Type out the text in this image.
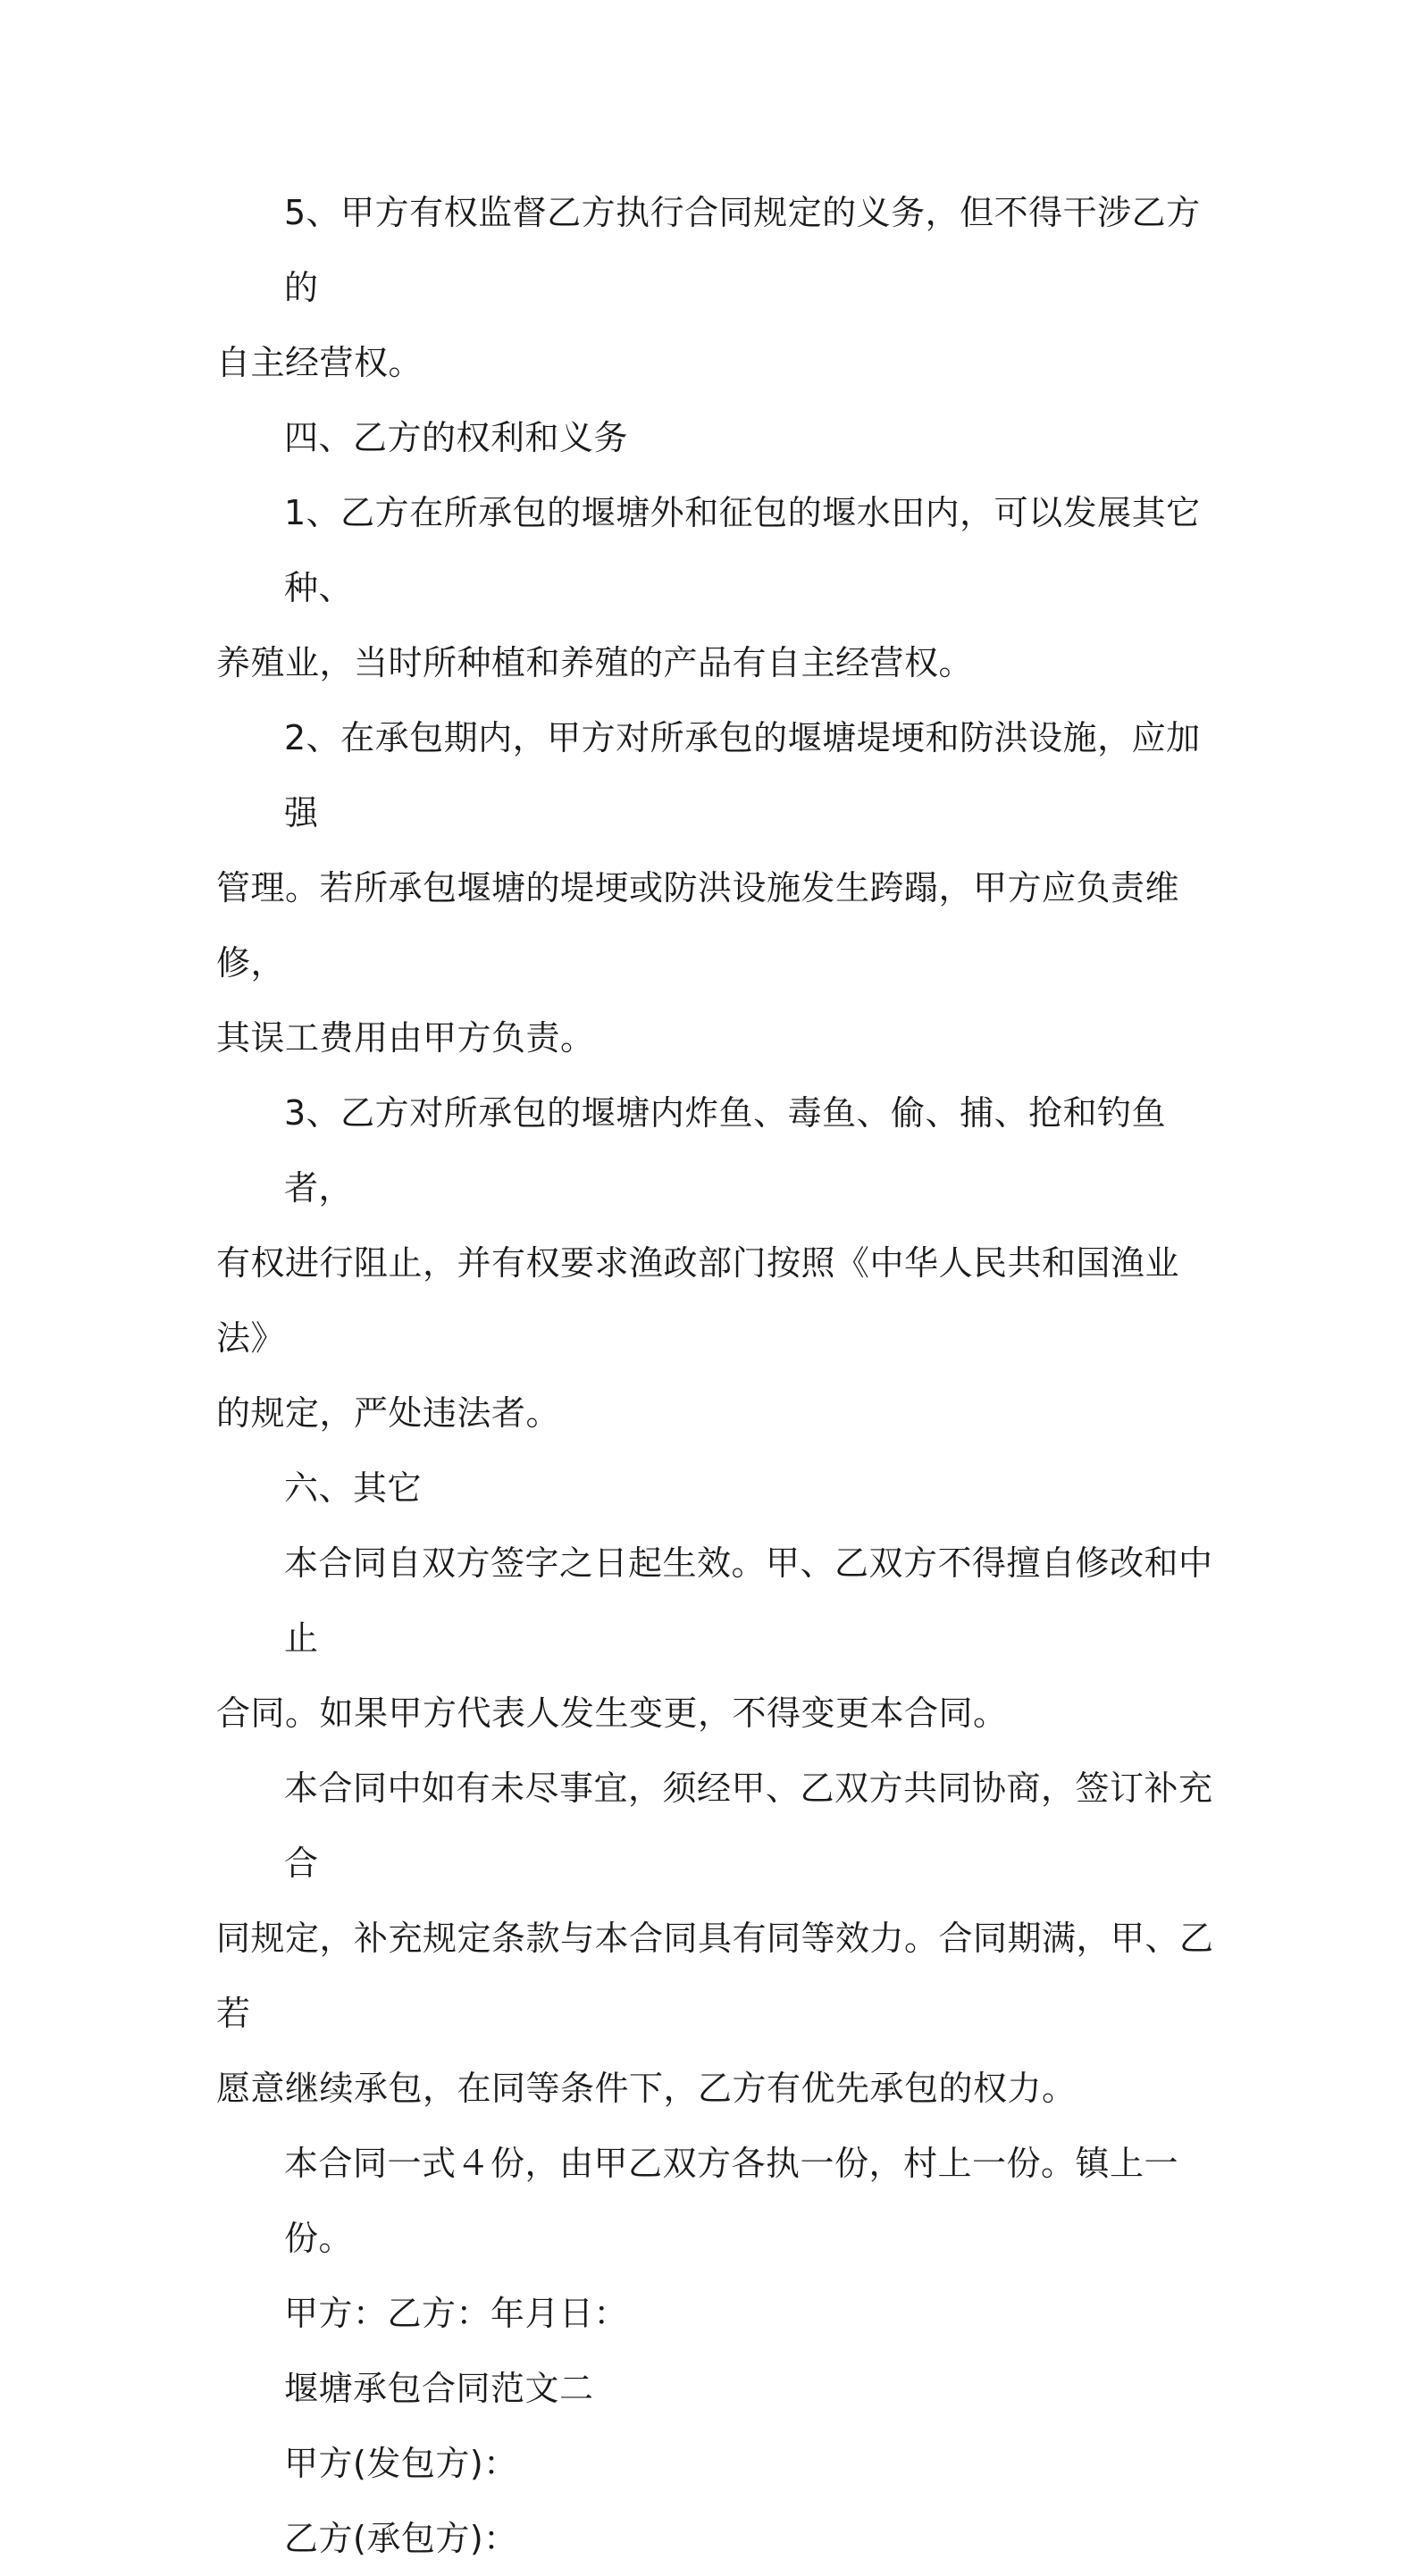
5、甲方有权监督乙方执行合同规定的义务，但不得干涉乙方的
自主经营权。

四、乙方的权利和义务

1、乙方在所承包的堰塘外和征包的堰水田内，可以发展其它种、
养殖业，当时所种植和养殖的产品有自主经营权。

2、在承包期内，甲方对所承包的堰塘堤埂和防洪设施，应加强
管理。若所承包堰塘的堤埂或防洪设施发生跨蹋，甲方应负责维修，
其误工费用由甲方负责。

3、乙方对所承包的堰塘内炸鱼、毒鱼、偷、捕、抢和钓鱼者，
有权进行阻止，并有权要求渔政部门按照《中华人民共和国渔业法》
的规定，严处违法者。

六、其它

本合同自双方签字之日起生效。甲、乙双方不得擅自修改和中止
合同。如果甲方代表人发生变更，不得变更本合同。

本合同中如有未尽事宜，须经甲、乙双方共同协商，签订补充合
同规定，补充规定条款与本合同具有同等效力。合同期满，甲、乙若
愿意继续承包，在同等条件下，乙方有优先承包的权力。

本合同一式４份，由甲乙双方各执一份，村上一份。镇上一份。

甲方：乙方：年月日：

堰塘承包合同范文二

甲方(发包方)：

乙方(承包方)：
